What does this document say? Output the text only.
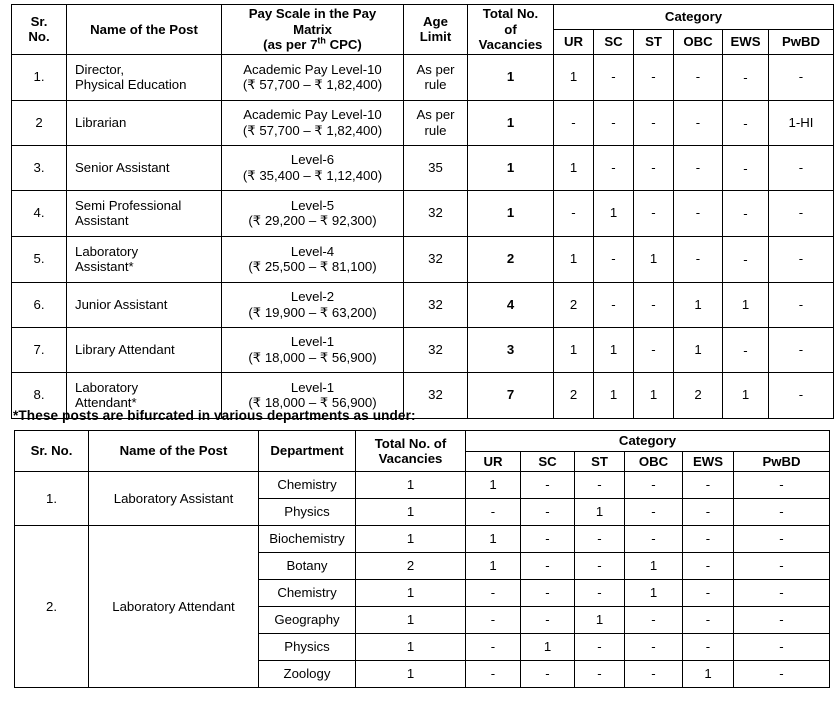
Sr.
No.	Name of the Post	Pay Scale in the Pay
Matrix
(as per 7th CPC)	Age
Limit	Total No.
of
Vacancies	Category					
					UR	SC	ST	OBC	EWS	PwBD
1.	Director,
Physical Education	Academic Pay Level-10
(₹ 57,700 – ₹ 1,82,400)	As per
rule	1	1	-	-	-	-	-
2	Librarian	Academic Pay Level-10
(₹ 57,700 – ₹ 1,82,400)	As per
rule	1	-	-	-	-	-	1-HI
3.	Senior Assistant	Level-6
(₹ 35,400 – ₹ 1,12,400)	35	1	1	-	-	-	-	-
4.	Semi Professional
Assistant	Level-5
(₹ 29,200 – ₹ 92,300)	32	1	-	1	-	-	-	-
5.	Laboratory
Assistant*	Level-4
(₹ 25,500 – ₹ 81,100)	32	2	1	-	1	-	-	-
6.	Junior Assistant	Level-2
(₹ 19,900 – ₹ 63,200)	32	4	2	-	-	1	1	-
7.	Library Attendant	Level-1
(₹ 18,000 – ₹ 56,900)	32	3	1	1	-	1	-	-
8.	Laboratory
Attendant*	Level-1
(₹ 18,000 – ₹ 56,900)	32	7	2	1	1	2	1	-
*These posts are bifurcated in various departments as under:
Sr. No.	Name of the Post	Department	Total No. of
Vacancies	Category					
				UR	SC	ST	OBC	EWS	PwBD
1.	Laboratory Assistant	Chemistry	1	1	-	-	-	-	-
		Physics	1	-	-	1	-	-	-
2.	Laboratory Attendant	Biochemistry	1	1	-	-	-	-	-
		Botany	2	1	-	-	1	-	-
		Chemistry	1	-	-	-	1	-	-
		Geography	1	-	-	1	-	-	-
		Physics	1	-	1	-	-	-	-
		Zoology	1	-	-	-	-	1	-
